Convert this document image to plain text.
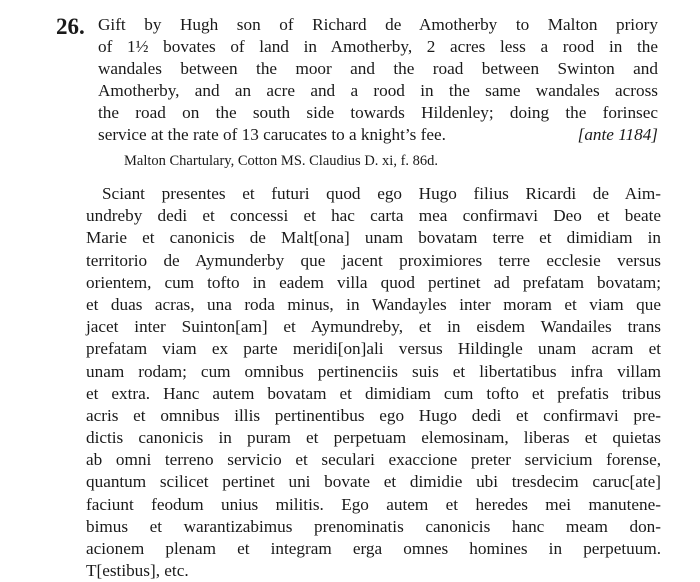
26. Gift by Hugh son of Richard de Amotherby to Malton priory
of 1½ bovates of land in Amotherby, 2 acres less a rood in the
wandales between the moor and the road between Swinton and
Amotherby, and an acre and a rood in the same wandales across
the road on the south side towards Hildenley; doing the forinsec
service at the rate of 13 carucates to a knight’s fee.	[ante 1184]
Malton Chartulary, Cotton MS. Claudius D. xi, f. 86d.
Sciant presentes et futuri quod ego Hugo filius Ricardi de Aim-
undreby dedi et concessi et hac carta mea confirmavi Deo et beate
Marie et canonicis de Malt[ona] unam bovatam terre et dimidiam in
territorio de Aymunderby que jacent proximiores terre ecclesie versus
orientem, cum tofto in eadem villa quod pertinet ad prefatam bovatam;
et duas acras, una roda minus, in Wandayles inter moram et viam que
jacet inter Suinton[am] et Aymundreby, et in eisdem Wandailes trans
prefatam viam ex parte meridi[on]ali versus Hildingle unam acram et
unam rodam; cum omnibus pertinenciis suis et libertatibus infra villam
et extra. Hanc autem bovatam et dimidiam cum tofto et prefatis tribus
acris et omnibus illis pertinentibus ego Hugo dedi et confirmavi pre-
dictis canonicis in puram et perpetuam elemosinam, liberas et quietas
ab omni terreno servicio et seculari exaccione preter servicium forense,
quantum scilicet pertinet uni bovate et dimidie ubi tresdecim caruc[ate]
faciunt feodum unius militis. Ego autem et heredes mei manutene-
bimus et warantizabimus prenominatis canonicis hanc meam don-
acionem plenam et integram erga omnes homines in perpetuum.
T[estibus], etc.
